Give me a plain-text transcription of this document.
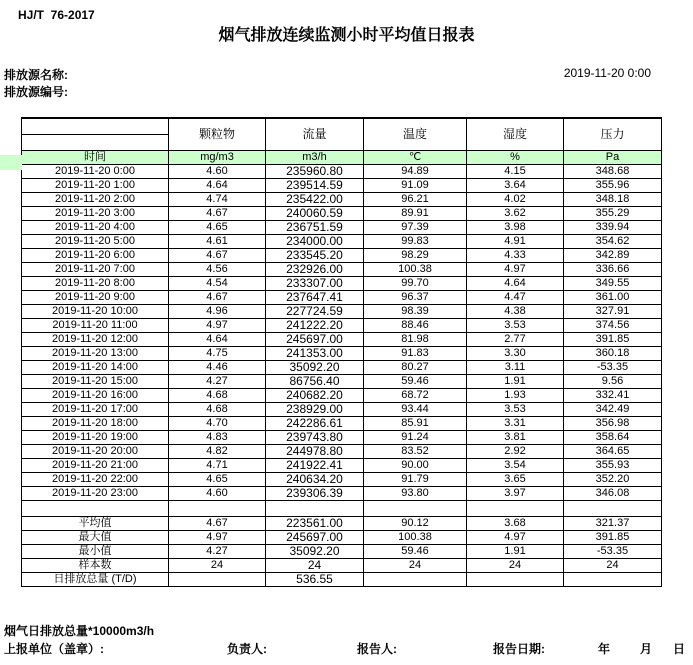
HJ/T  76-2017
烟气排放连续监测小时平均值日报表
排放源名称:
排放源编号:
2019-11-20 0:00
	颗粒物	流量	温度	湿度	压力

时间	mg/m3	m3/h	℃	%	Pa
2019-11-20 0:00	4.60	235960.80	94.89	4.15	348.68
2019-11-20 1:00	4.64	239514.59	91.09	3.64	355.96
2019-11-20 2:00	4.74	235422.00	96.21	4.02	348.18
2019-11-20 3:00	4.67	240060.59	89.91	3.62	355.29
2019-11-20 4:00	4.65	236751.59	97.39	3.98	339.94
2019-11-20 5:00	4.61	234000.00	99.83	4.91	354.62
2019-11-20 6:00	4.67	233545.20	98.29	4.33	342.89
2019-11-20 7:00	4.56	232926.00	100.38	4.97	336.66
2019-11-20 8:00	4.54	233307.00	99.70	4.64	349.55
2019-11-20 9:00	4.67	237647.41	96.37	4.47	361.00
2019-11-20 10:00	4.96	227724.59	98.39	4.38	327.91
2019-11-20 11:00	4.97	241222.20	88.46	3.53	374.56
2019-11-20 12:00	4.64	245697.00	81.98	2.77	391.85
2019-11-20 13:00	4.75	241353.00	91.83	3.30	360.18
2019-11-20 14:00	4.46	35092.20	80.27	3.11	-53.35
2019-11-20 15:00	4.27	86756.40	59.46	1.91	9.56
2019-11-20 16:00	4.68	240682.20	68.72	1.93	332.41
2019-11-20 17:00	4.68	238929.00	93.44	3.53	342.49
2019-11-20 18:00	4.70	242286.61	85.91	3.31	356.98
2019-11-20 19:00	4.83	239743.80	91.24	3.81	358.64
2019-11-20 20:00	4.82	244978.80	83.52	2.92	364.65
2019-11-20 21:00	4.71	241922.41	90.00	3.54	355.93
2019-11-20 22:00	4.65	240634.20	91.79	3.65	352.20
2019-11-20 23:00	4.60	239306.39	93.80	3.97	346.08

平均值	4.67	223561.00	90.12	3.68	321.37
最大值	4.97	245697.00	100.38	4.97	391.85
最小值	4.27	35092.20	59.46	1.91	-53.35
样本数	24	24	24	24	24
日排放总量 (T/D)		536.55			
烟气日排放总量*10000m3/h
上报单位（盖章）:	负责人:	报告人:	报告日期:	年 月 日
